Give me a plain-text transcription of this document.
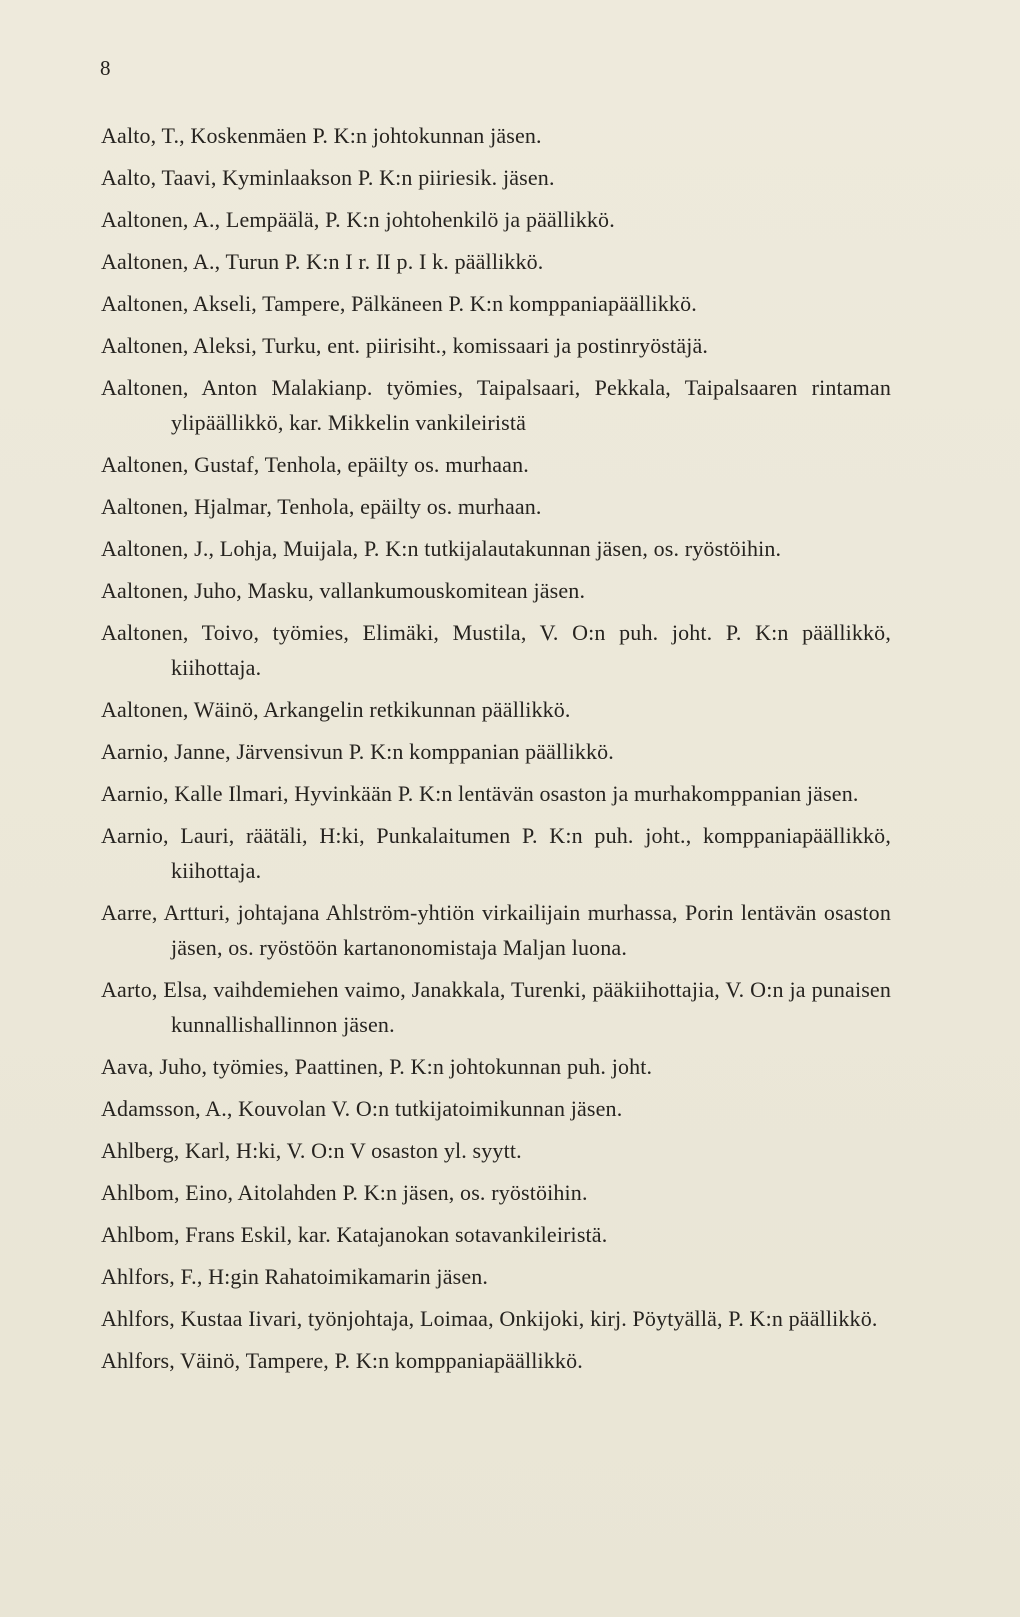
8
Aalto, T., Koskenmäen P. K:n johtokunnan jäsen.
Aalto, Taavi, Kyminlaakson P. K:n piiriesik. jäsen.
Aaltonen, A., Lempäälä, P. K:n johtohenkilö ja päällikkö.
Aaltonen, A., Turun P. K:n I r. II p. I k. päällikkö.
Aaltonen, Akseli, Tampere, Pälkäneen P. K:n komppaniapäällikkö.
Aaltonen, Aleksi, Turku, ent. piirisiht., komissaari ja postinryöstäjä.
Aaltonen, Anton Malakianp. työmies, Taipalsaari, Pekkala, Taipalsaaren rintaman ylipäällikkö, kar. Mikkelin vankileiristä
Aaltonen, Gustaf, Tenhola, epäilty os. murhaan.
Aaltonen, Hjalmar, Tenhola, epäilty os. murhaan.
Aaltonen, J., Lohja, Muijala, P. K:n tutkijalautakunnan jäsen, os. ryöstöihin.
Aaltonen, Juho, Masku, vallankumouskomitean jäsen.
Aaltonen, Toivo, työmies, Elimäki, Mustila, V. O:n puh. joht. P. K:n päällikkö, kiihottaja.
Aaltonen, Wäinö, Arkangelin retkikunnan päällikkö.
Aarnio, Janne, Järvensivun P. K:n komppanian päällikkö.
Aarnio, Kalle Ilmari, Hyvinkään P. K:n lentävän osaston ja murhakomppanian jäsen.
Aarnio, Lauri, räätäli, H:ki, Punkalaitumen P. K:n puh. joht., komppaniapäällikkö, kiihottaja.
Aarre, Artturi, johtajana Ahlström-yhtiön virkailijain murhassa, Porin lentävän osaston jäsen, os. ryöstöön kartanonomistaja Maljan luona.
Aarto, Elsa, vaihdemiehen vaimo, Janakkala, Turenki, pääkiihottajia, V. O:n ja punaisen kunnallishallinnon jäsen.
Aava, Juho, työmies, Paattinen, P. K:n johtokunnan puh. joht.
Adamsson, A., Kouvolan V. O:n tutkijatoimikunnan jäsen.
Ahlberg, Karl, H:ki, V. O:n V osaston yl. syytt.
Ahlbom, Eino, Aitolahden P. K:n jäsen, os. ryöstöihin.
Ahlbom, Frans Eskil, kar. Katajanokan sotavankileiristä.
Ahlfors, F., H:gin Rahatoimikamarin jäsen.
Ahlfors, Kustaa Iivari, työnjohtaja, Loimaa, Onkijoki, kirj. Pöytyällä, P. K:n päällikkö.
Ahlfors, Väinö, Tampere, P. K:n komppaniapäällikkö.
